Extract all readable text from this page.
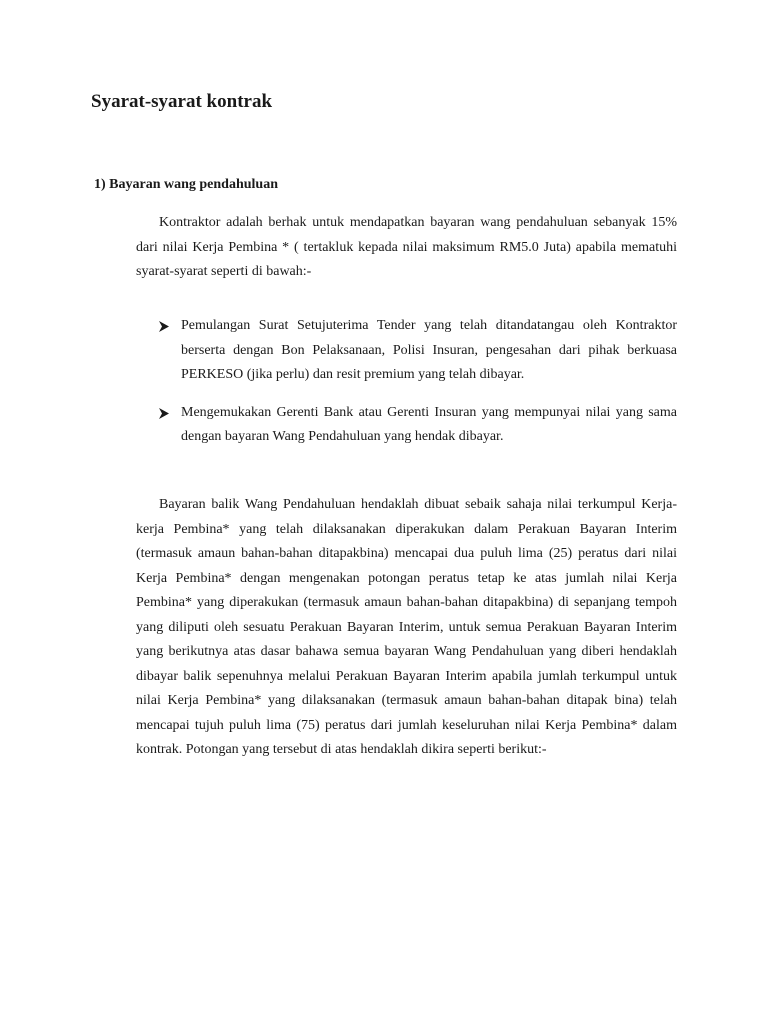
Syarat-syarat kontrak
1) Bayaran wang pendahuluan

Kontraktor adalah berhak untuk mendapatkan bayaran wang pendahuluan sebanyak 15% dari nilai Kerja Pembina * ( tertakluk kepada nilai maksimum RM5.0 Juta) apabila mematuhi syarat-syarat seperti di bawah:-

Pemulangan Surat Setujuterima Tender yang telah ditandatangau oleh Kontraktor berserta dengan Bon Pelaksanaan, Polisi Insuran, pengesahan dari pihak berkuasa PERKESO (jika perlu) dan resit premium yang telah dibayar.
Mengemukakan Gerenti Bank atau Gerenti Insuran yang mempunyai nilai yang sama dengan bayaran Wang Pendahuluan yang hendak dibayar.

Bayaran balik Wang Pendahuluan hendaklah dibuat sebaik sahaja nilai terkumpul Kerja-kerja Pembina* yang telah dilaksanakan diperakukan dalam Perakuan Bayaran Interim (termasuk amaun bahan-bahan ditapakbina) mencapai dua puluh lima (25) peratus dari nilai Kerja Pembina* dengan mengenakan potongan peratus tetap ke atas jumlah nilai Kerja Pembina* yang diperakukan (termasuk amaun bahan-bahan ditapakbina) di sepanjang tempoh yang diliputi oleh sesuatu Perakuan Bayaran Interim, untuk semua Perakuan Bayaran Interim yang berikutnya atas dasar bahawa semua bayaran Wang Pendahuluan yang diberi hendaklah dibayar balik sepenuhnya melalui Perakuan Bayaran Interim apabila jumlah terkumpul untuk nilai Kerja Pembina* yang dilaksanakan (termasuk amaun bahan-bahan ditapak bina) telah mencapai tujuh puluh lima (75) peratus dari jumlah keseluruhan nilai Kerja Pembina* dalam kontrak. Potongan yang tersebut di atas hendaklah dikira seperti berikut:-
